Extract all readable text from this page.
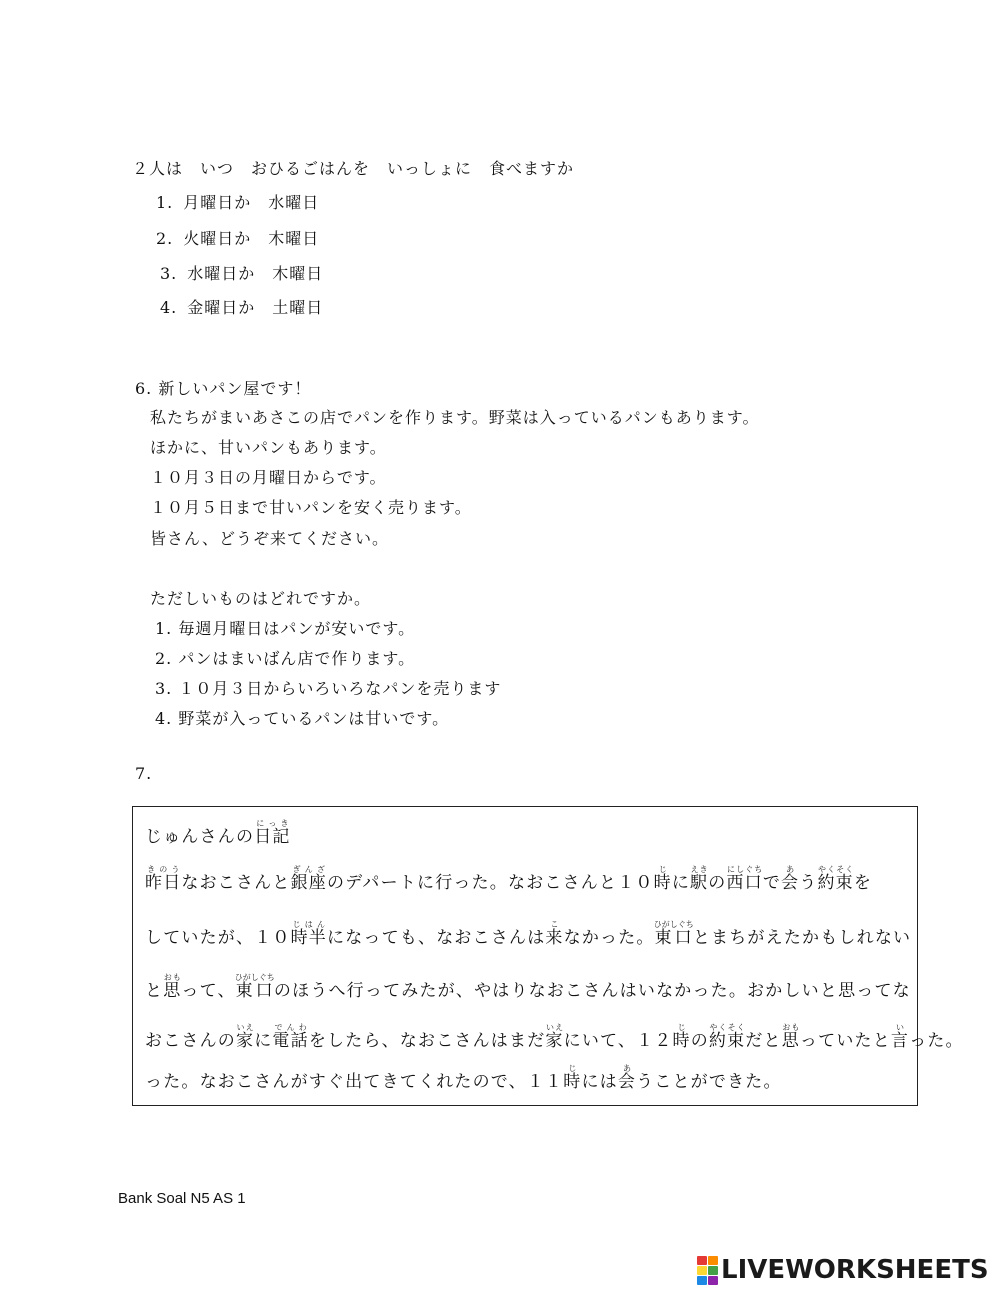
２人は　いつ　おひるごはんを　いっしょに　食べますか
1. 月曜日か　水曜日
2. 火曜日か　木曜日
3. 水曜日か　木曜日
4. 金曜日か　土曜日
6. 新しいパン屋です！
私たちがまいあさこの店でパンを作ります。野菜は入っているパンもあります。
ほかに、甘いパンもあります。
１０月３日の月曜日からです。
１０月５日まで甘いパンを安く売ります。
皆さん、どうぞ来てください。
ただしいものはどれですか。
1. 毎週月曜日はパンが安いです。
2. パンはまいばん店で作ります。
3. １０月３日からいろいろなパンを売ります
4. 野菜が入っているパンは甘いです。
7.
じゅんさんの日記にっき
昨日きのうなおこさんと銀座ぎんざのデパートに行った。なおこさんと１０時じに駅えきの西口にしぐちで会あう約束やくそくを
していたが、１０時半じはんになっても、なおこさんは来こなかった。東口ひがしぐちとまちがえたかもしれない
と思おもって、東口ひがしぐちのほうへ行ってみたが、やはりなおこさんはいなかった。おかしいと思ってな
おこさんの家いえに電話でんわをしたら、なおこさんはまだ家いえにいて、１２時じの約束やくそくだと思おもっていたと言いった。
った。なおこさんがすぐ出てきてくれたので、１１時じには会あうことができた。
Bank Soal N5 AS 1
LIVEWORKSHEETS
